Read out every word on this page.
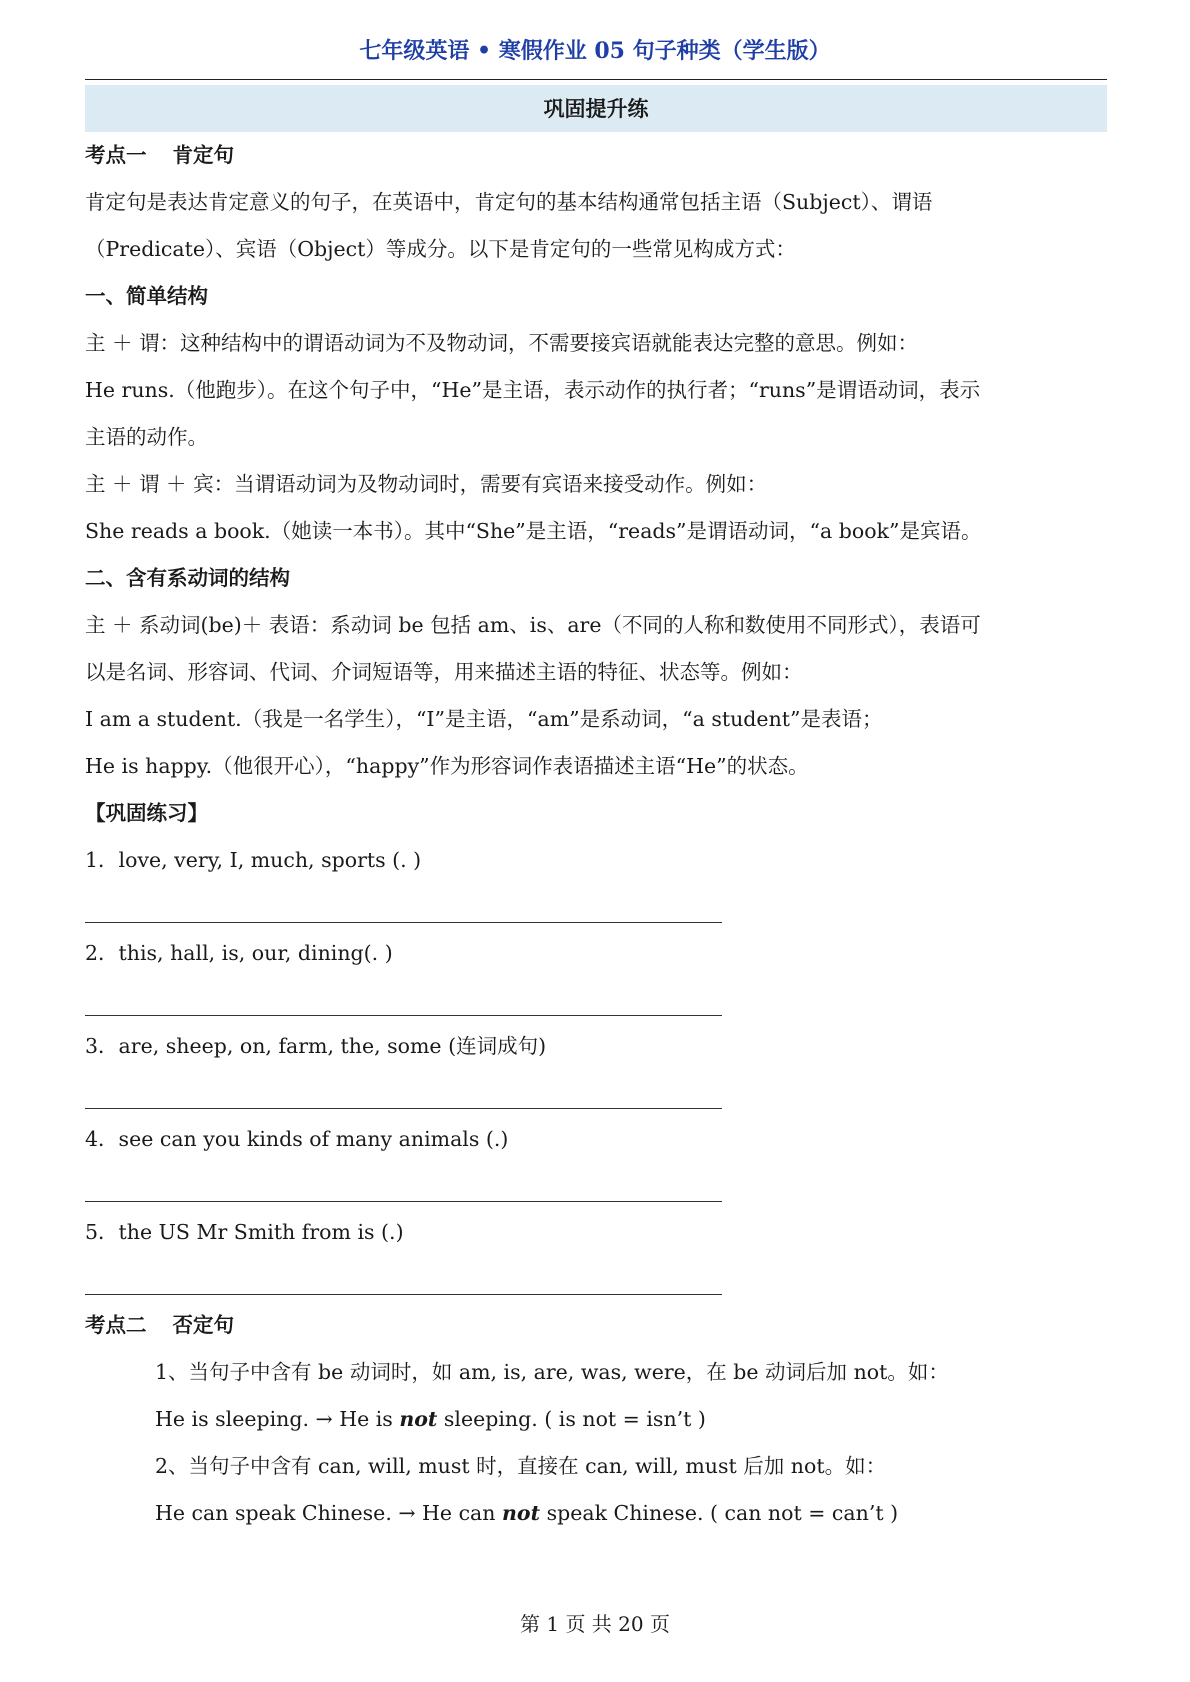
七年级英语 • 寒假作业 05 句子种类（学生版）
巩固提升练

考点一 肯定句

肯定句是表达肯定意义的句子，在英语中，肯定句的基本结构通常包括主语（Subject）、谓语

（Predicate）、宾语（Object）等成分。以下是肯定句的一些常见构成方式：

一、简单结构

主 ＋ 谓：这种结构中的谓语动词为不及物动词，不需要接宾语就能表达完整的意思。例如：

He runs.（他跑步）。在这个句子中，“He”是主语，表示动作的执行者；“runs”是谓语动词，表示

主语的动作。

主 ＋ 谓 ＋ 宾：当谓语动词为及物动词时，需要有宾语来接受动作。例如：

She reads a book.（她读一本书）。其中“She”是主语，“reads”是谓语动词，“a book”是宾语。

二、含有系动词的结构

主 ＋ 系动词(be)＋ 表语：系动词 be 包括 am、is、are（不同的人称和数使用不同形式），表语可

以是名词、形容词、代词、介词短语等，用来描述主语的特征、状态等。例如：

I am a student.（我是一名学生），“I”是主语，“am”是系动词，“a student”是表语；

He is happy.（他很开心），“happy”作为形容词作表语描述主语“He”的状态。

【巩固练习】

1．love, very, I, much, sports (. )
2．this, hall, is, our, dining(. )
3．are, sheep, on, farm, the, some (连词成句)
4．see can you kinds of many animals (.)
5．the US Mr Smith from is (.)

考点二 否定句

1、当句子中含有 be 动词时，如 am, is, are, was, were，在 be 动词后加 not。如：

He is sleeping. → He is not sleeping. ( is not = isn’t )

2、当句子中含有 can, will, must 时，直接在 can, will, must 后加 not。如：

He can speak Chinese. → He can not speak Chinese. ( can not = can’t )

第 1 页 共 20 页
